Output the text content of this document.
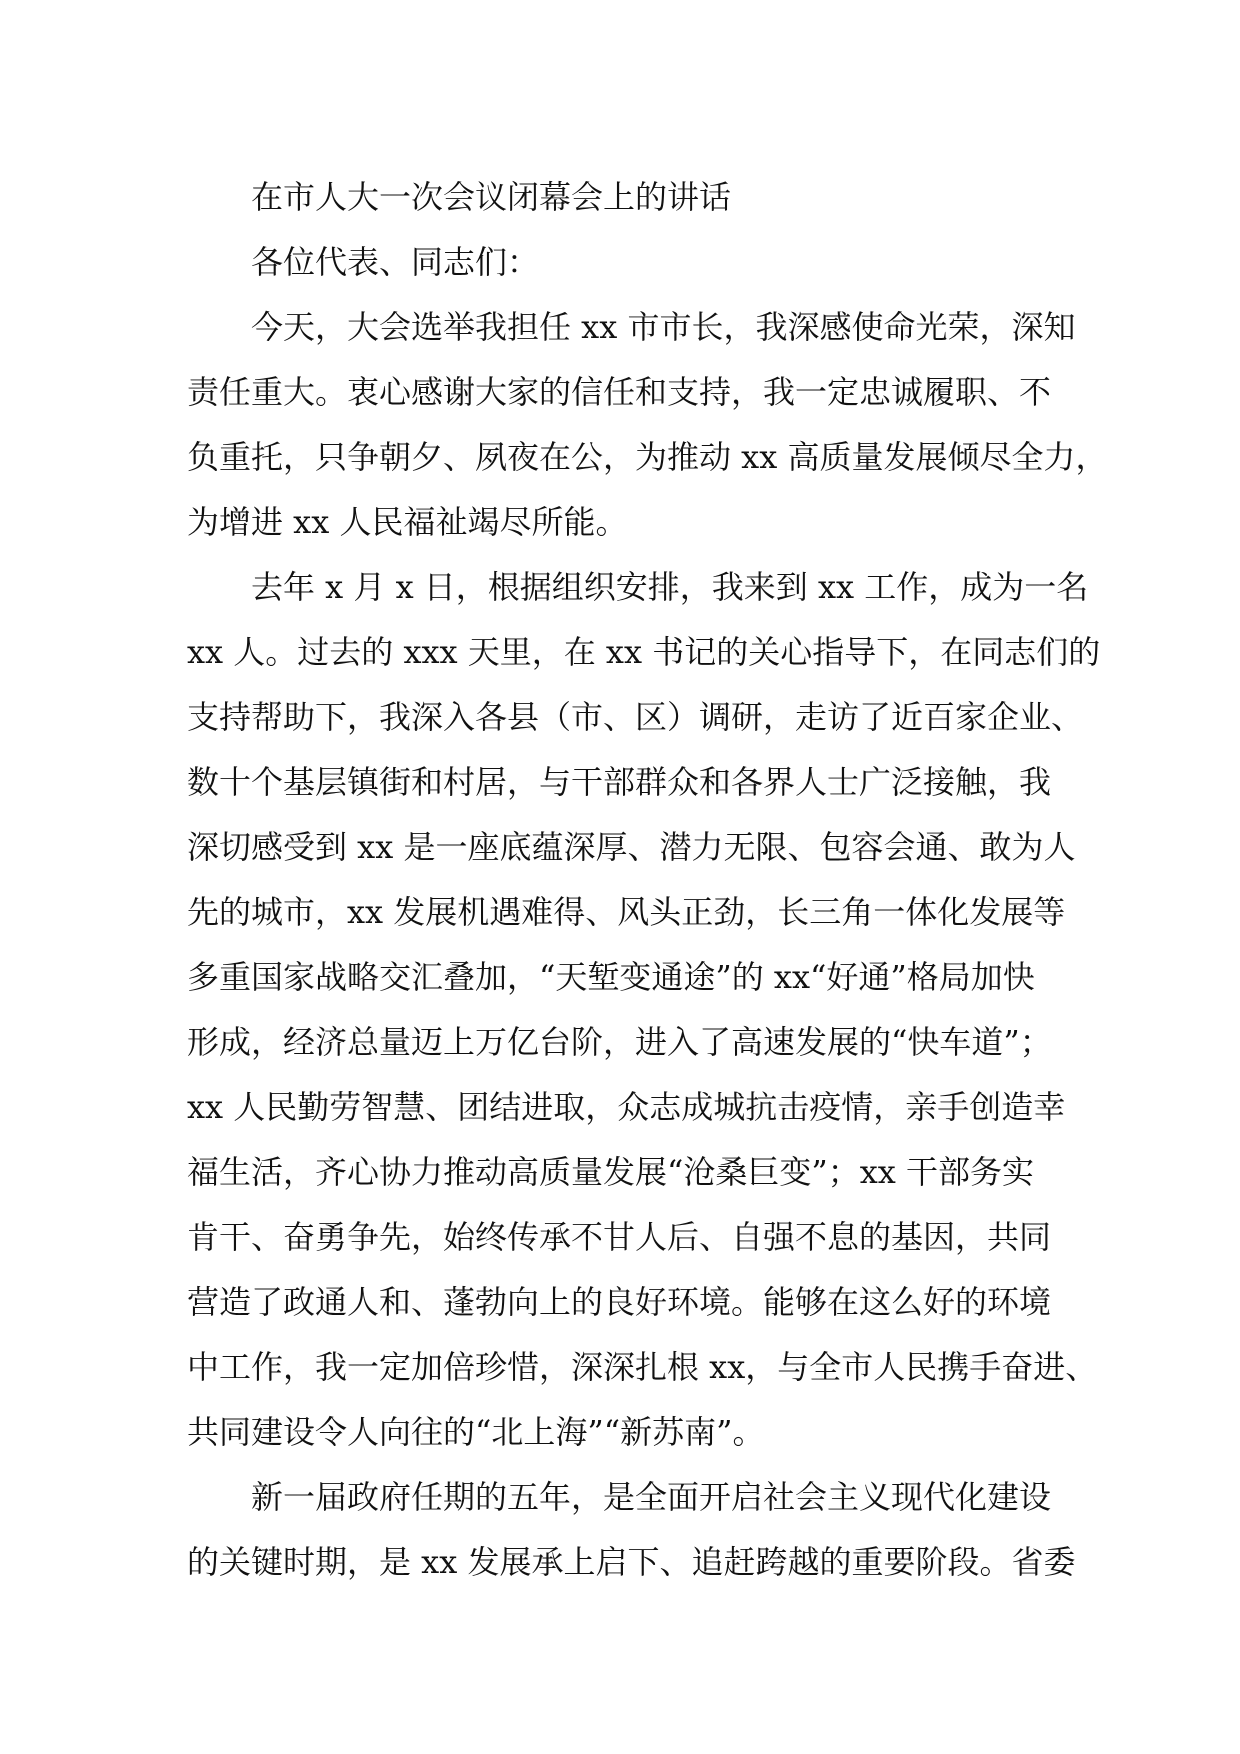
在市人大一次会议闭幕会上的讲话

各位代表、同志们：

今天，大会选举我担任 xx 市市长，我深感使命光荣，深知
责任重大。衷心感谢大家的信任和支持，我一定忠诚履职、不
负重托，只争朝夕、夙夜在公，为推动 xx 高质量发展倾尽全力，
为增进 xx 人民福祉竭尽所能。

去年 x 月 x 日，根据组织安排，我来到 xx 工作，成为一名
xx 人。过去的 xxx 天里，在 xx 书记的关心指导下，在同志们的
支持帮助下，我深入各县（市、区）调研，走访了近百家企业、
数十个基层镇街和村居，与干部群众和各界人士广泛接触，我
深切感受到 xx 是一座底蕴深厚、潜力无限、包容会通、敢为人
先的城市，xx 发展机遇难得、风头正劲，长三角一体化发展等
多重国家战略交汇叠加，“天堑变通途”的 xx“好通”格局加快
形成，经济总量迈上万亿台阶，进入了高速发展的“快车道”；
xx 人民勤劳智慧、团结进取，众志成城抗击疫情，亲手创造幸
福生活，齐心协力推动高质量发展“沧桑巨变”；xx 干部务实
肯干、奋勇争先，始终传承不甘人后、自强不息的基因，共同
营造了政通人和、蓬勃向上的良好环境。能够在这么好的环境
中工作，我一定加倍珍惜，深深扎根 xx，与全市人民携手奋进、
共同建设令人向往的“北上海”“新苏南”。

新一届政府任期的五年，是全面开启社会主义现代化建设
的关键时期，是 xx 发展承上启下、追赶跨越的重要阶段。省委
